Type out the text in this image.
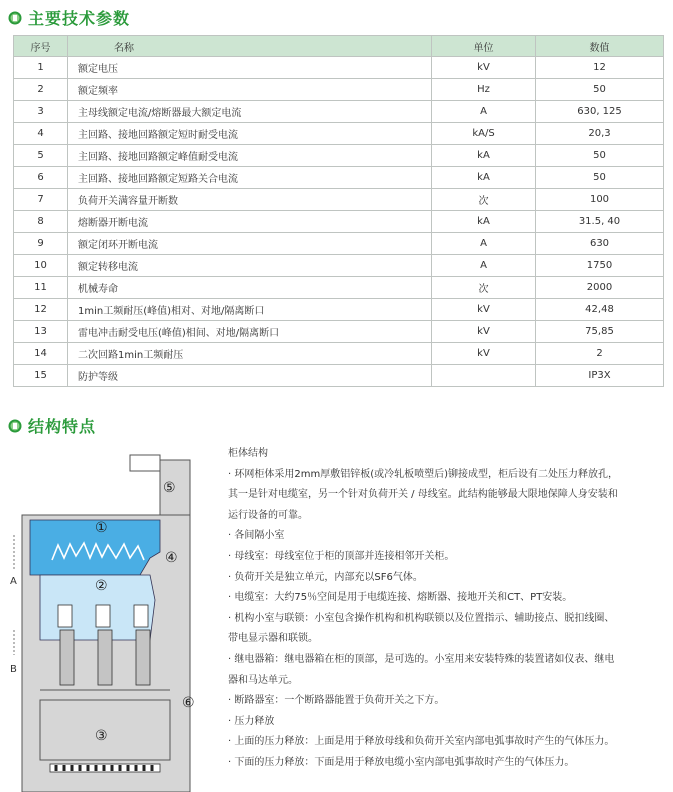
主要技术参数
序号	名称	单位	数值
1	额定电压	kV	12
2	额定频率	Hz	50
3	主母线额定电流/熔断器最大额定电流	A	630, 125
4	主回路、接地回路额定短时耐受电流	kA/S	20,3
5	主回路、接地回路额定峰值耐受电流	kA	50
6	主回路、接地回路额定短路关合电流	kA	50
7	负荷开关满容量开断数	次	100
8	熔断器开断电流	kA	31.5, 40
9	额定闭环开断电流	A	630
10	额定转移电流	A	1750
11	机械寿命	次	2000
12	1min工频耐压(峰值)相对、对地/隔离断口	kV	42,48
13	雷电冲击耐受电压(峰值)相间、对地/隔离断口	kV	75,85
14	二次回路1min工频耐压	kV	2
15	防护等级		IP3X
结构特点
A
B
①
②
③
④
⑤
⑥

柜体结构

· 环网柜体采用2mm厚敷铝锌板(或冷轧板喷塑后)铆接成型，柜后设有二处压力释放孔，

其一是针对电缆室，另一个针对负荷开关 / 母线室。此结构能够最大限地保障人身安装和

运行设备的可靠。

· 各间隔小室

· 母线室：母线室位于柜的顶部并连接相邻开关柜。

· 负荷开关是独立单元，内部充以SF6气体。

· 电缆室：大约75％空间是用于电缆连接、熔断器、接地开关和CT、PT安装。

· 机构小室与联锁：小室包含操作机构和机构联锁以及位置指示、辅助接点、脱扣线圈、

带电显示器和联锁。

· 继电器箱：继电器箱在柜的顶部，是可选的。小室用来安装特殊的装置诸如仪表、继电

器和马达单元。

· 断路器室：一个断路器能置于负荷开关之下方。

· 压力释放

· 上面的压力释放：上面是用于释放母线和负荷开关室内部电弧事故时产生的气体压力。

· 下面的压力释放：下面是用于释放电缆小室内部电弧事故时产生的气体压力。
